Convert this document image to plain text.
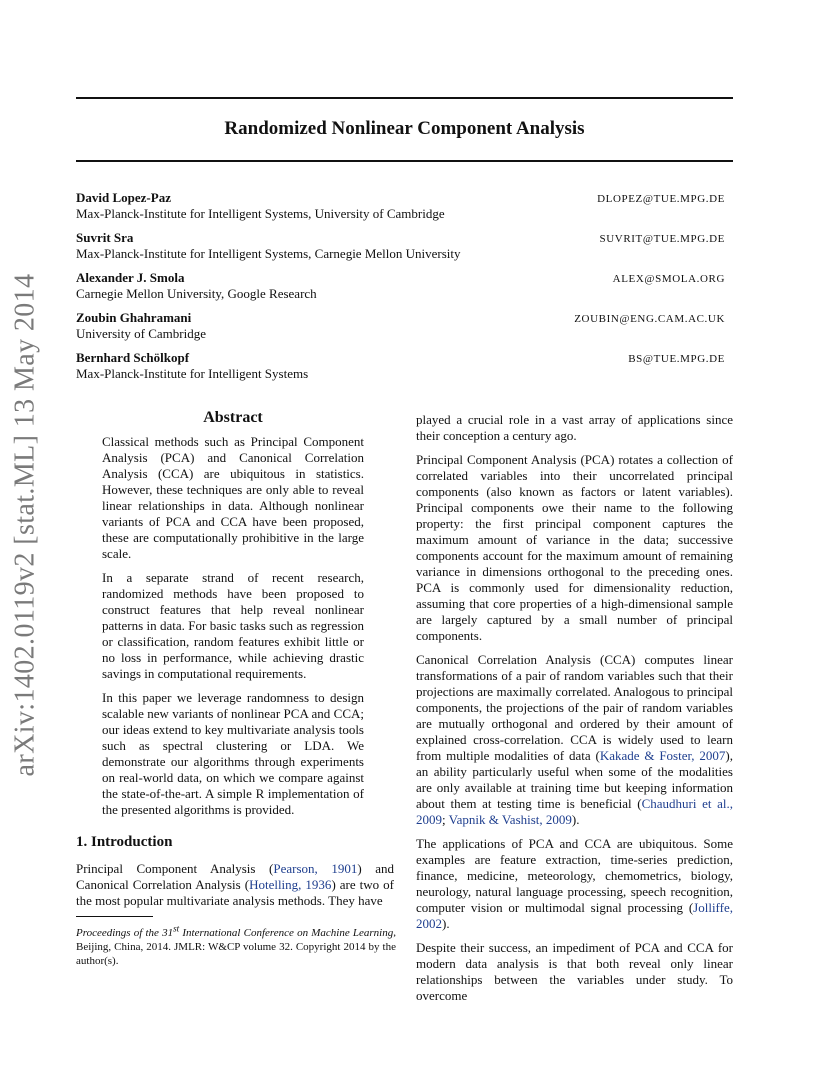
arXiv:1402.0119v2 [stat.ML] 13 May 2014
Randomized Nonlinear Component Analysis
David Lopez-Paz
Max-Planck-Institute for Intelligent Systems, University of Cambridge
DLOPEZ@TUE.MPG.DE
Suvrit Sra
Max-Planck-Institute for Intelligent Systems, Carnegie Mellon University
SUVRIT@TUE.MPG.DE
Alexander J. Smola
Carnegie Mellon University, Google Research
ALEX@SMOLA.ORG
Zoubin Ghahramani
University of Cambridge
ZOUBIN@ENG.CAM.AC.UK
Bernhard Schölkopf
Max-Planck-Institute for Intelligent Systems
BS@TUE.MPG.DE
Abstract

Classical methods such as Principal Component Analysis (PCA) and Canonical Correlation Analysis (CCA) are ubiquitous in statistics. However, these techniques are only able to reveal linear relationships in data. Although nonlinear variants of PCA and CCA have been proposed, these are computationally prohibitive in the large scale.

In a separate strand of recent research, randomized methods have been proposed to construct features that help reveal nonlinear patterns in data. For basic tasks such as regression or classification, random features exhibit little or no loss in performance, while achieving drastic savings in computational requirements.

In this paper we leverage randomness to design scalable new variants of nonlinear PCA and CCA; our ideas extend to key multivariate analysis tools such as spectral clustering or LDA. We demonstrate our algorithms through experiments on real-world data, on which we compare against the state-of-the-art. A simple R implementation of the presented algorithms is provided.

1. Introduction

Principal Component Analysis (Pearson, 1901) and Canonical Correlation Analysis (Hotelling, 1936) are two of the most popular multivariate analysis methods. They have

Proceedings of the 31st International Conference on Machine Learning, Beijing, China, 2014. JMLR: W&CP volume 32. Copyright 2014 by the author(s).

played a crucial role in a vast array of applications since their conception a century ago.

Principal Component Analysis (PCA) rotates a collection of correlated variables into their uncorrelated principal components (also known as factors or latent variables). Principal components owe their name to the following property: the first principal component captures the maximum amount of variance in the data; successive components account for the maximum amount of remaining variance in dimensions orthogonal to the preceding ones. PCA is commonly used for dimensionality reduction, assuming that core properties of a high-dimensional sample are largely captured by a small number of principal components.

Canonical Correlation Analysis (CCA) computes linear transformations of a pair of random variables such that their projections are maximally correlated. Analogous to principal components, the projections of the pair of random variables are mutually orthogonal and ordered by their amount of explained cross-correlation. CCA is widely used to learn from multiple modalities of data (Kakade & Foster, 2007), an ability particularly useful when some of the modalities are only available at training time but keeping information about them at testing time is beneficial (Chaudhuri et al., 2009; Vapnik & Vashist, 2009).

The applications of PCA and CCA are ubiquitous. Some examples are feature extraction, time-series prediction, finance, medicine, meteorology, chemometrics, biology, neurology, natural language processing, speech recognition, computer vision or multimodal signal processing (Jolliffe, 2002).

Despite their success, an impediment of PCA and CCA for modern data analysis is that both reveal only linear relationships between the variables under study. To overcome
